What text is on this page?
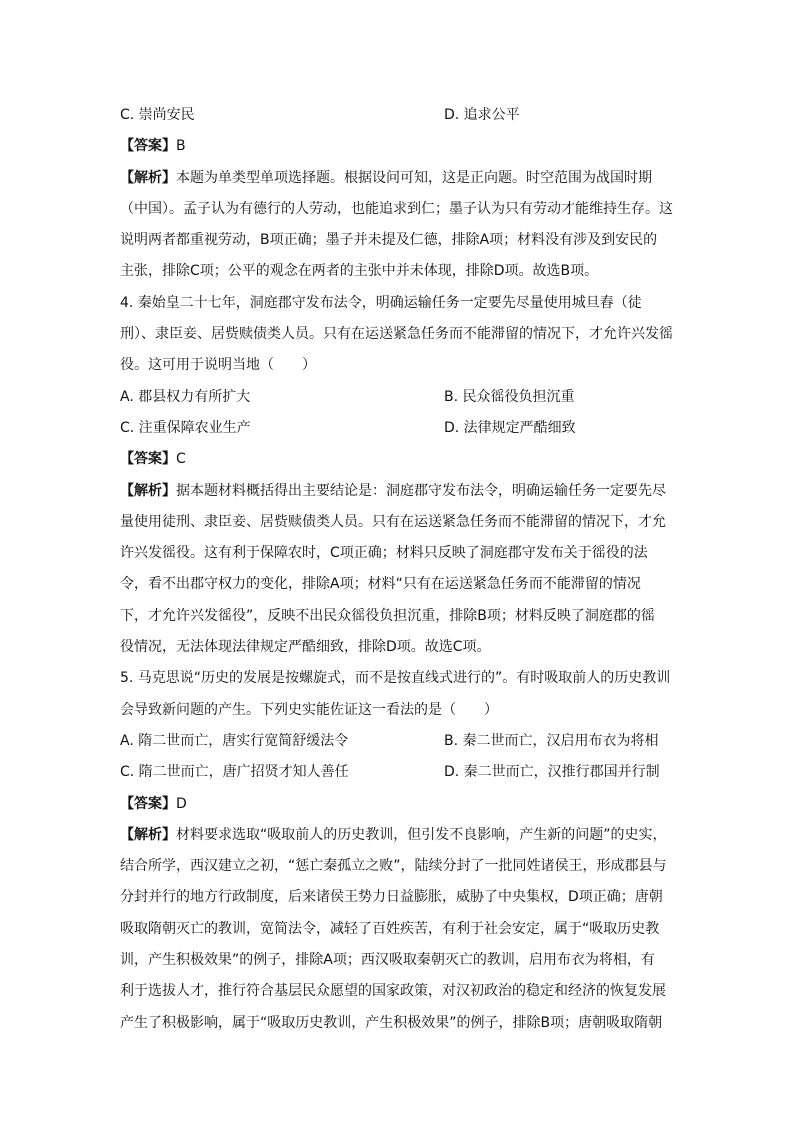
C. 崇尚安民	D. 追求公平
【答案】B
【解析】本题为单类型单项选择题。根据设问可知，这是正向题。时空范围为战国时期
（中国）。孟子认为有德行的人劳动，也能追求到仁；墨子认为只有劳动才能维持生存。这
说明两者都重视劳动，B项正确；墨子并未提及仁德，排除A项；材料没有涉及到安民的
主张，排除C项；公平的观念在两者的主张中并未体现，排除D项。故选B项。
4. 秦始皇二十七年，洞庭郡守发布法令，明确运输任务一定要先尽量使用城旦舂（徒
刑）、隶臣妾、居赀赎债类人员。只有在运送紧急任务而不能滞留的情况下，才允许兴发徭
役。这可用于说明当地（　　）
A. 郡县权力有所扩大	B. 民众徭役负担沉重
C. 注重保障农业生产	D. 法律规定严酷细致
【答案】C
【解析】据本题材料概括得出主要结论是：洞庭郡守发布法令，明确运输任务一定要先尽
量使用徒刑、隶臣妾、居赀赎债类人员。只有在运送紧急任务而不能滞留的情况下，才允
许兴发徭役。这有利于保障农时，C项正确；材料只反映了洞庭郡守发布关于徭役的法
令，看不出郡守权力的变化，排除A项；材料“只有在运送紧急任务而不能滞留的情况
下，才允许兴发徭役”，反映不出民众徭役负担沉重，排除B项；材料反映了洞庭郡的徭
役情况，无法体现法律规定严酷细致，排除D项。故选C项。
5. 马克思说“历史的发展是按螺旋式，而不是按直线式进行的”。有时吸取前人的历史教训
会导致新问题的产生。下列史实能佐证这一看法的是（　　）
A. 隋二世而亡，唐实行宽简舒缓法令	B. 秦二世而亡，汉启用布衣为将相
C. 隋二世而亡，唐广招贤才知人善任	D. 秦二世而亡，汉推行郡国并行制
【答案】D
【解析】材料要求选取“吸取前人的历史教训，但引发不良影响，产生新的问题”的史实，
结合所学，西汉建立之初，“惩亡秦孤立之败”，陆续分封了一批同姓诸侯王，形成郡县与
分封并行的地方行政制度，后来诸侯王势力日益膨胀，威胁了中央集权，D项正确；唐朝
吸取隋朝灭亡的教训，宽简法令，减轻了百姓疾苦，有利于社会安定，属于“吸取历史教
训，产生积极效果”的例子，排除A项；西汉吸取秦朝灭亡的教训，启用布衣为将相，有
利于选拔人才，推行符合基层民众愿望的国家政策，对汉初政治的稳定和经济的恢复发展
产生了积极影响，属于“吸取历史教训，产生积极效果”的例子，排除B项；唐朝吸取隋朝
